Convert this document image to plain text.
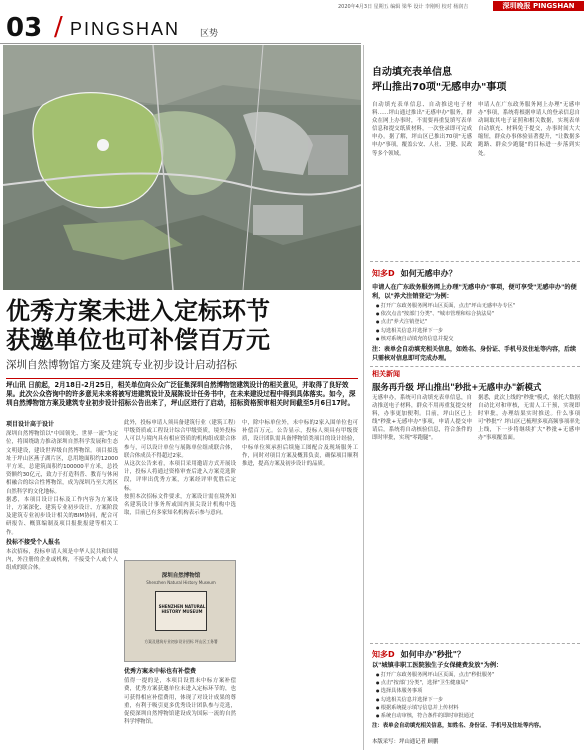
2020年4月3日 星期五 编辑 梁华 设计 李刚明 校对 杨润吉	深圳晚报 PINGSHAN
03 / PINGSHAN 区势
优秀方案未进入定标环节
获邀单位也可补偿百万元
深圳自然博物馆方案及建筑专业初步设计启动招标
坪山讯 日前起，2月18日-2月25日，相关单位向公众广泛征集深圳自然博物馆建筑设计的相关意见，并取得了良好效果。此次公众咨询中的许多意见未来将被写进建筑设计及展陈设计任务书中，在未来建设过程中得到具体落实。如今，深圳自然博物馆方案及建筑专业初步设计招标公告出来了，坪山区进行了启动，招标资格预审相关时间截至5月6日17时。
项目设计高于设计

深圳自然博物馆以"中国领先、世界一流"为定位，将围绕助力推动深圳自然科学发展和生态文明建设，建设世界级自然博物馆。项目拟选址于坪山区燕子湖片区，总用地面积约12000平方米，总建筑面积约100000平方米，总投资额约30亿元，致力于打造科普、教育与休闲相融合的综合性博物馆，成为深圳乃至大湾区自然科学的文化地标。

据悉，本项目设计目标及工作内容为方案设计，方案深化、建筑专业初步设计、方案阶段及建筑专业初步设计相关的BIM协同，配合可研报告、概算编制及项目报批报建等相关工作。

投标不接受个人报名

本次招标，投标申请人须是中华人民共和国境内，外注册的企业或机构，不接受个人或个人组成的联合体。

此外，投标申请人须具备建筑行业（建筑工程）甲级资质或工程设计综合甲级资质，境外投标人可以与境内具有相应资质的机构组成联合体参与，可以设计单位与展陈单位组成联合体，联合体成员不得超过2家。

从这次公告来看，本项目采用邀请方式开展设计，投标人将通过资格审查后进入方案竞选阶段，评审出优秀方案，方案经评审优胜后定标。

按照本次招标文件要求，方案设计需在境外知名建筑设计事务所或国内顶尖设计机构中选取，目前已有多家知名机构表示参与意向。

深圳自然博物馆
Shenzhen Natural History Museum
SHENZHEN NATURAL HISTORY MUSEUM
方案及建筑专业初步设计招标 坪山区工务署
优秀方案未中标也有补偿费

值得一提的是，本项目设置未中标方案补偿费，优秀方案获邀单位未进入定标环节的，也可获得相应补偿费用，体现了对设计成果的尊重，有利于吸引更多优秀设计团队参与竞选，促使深圳自然博物馆建设成为国际一流的自然科学博物馆。

中，除中标单位外，未中标的2家入围单位也可补偿百万元。公告显示，投标人须具有甲级资质，设计团队需具备博物馆类项目的设计经验，中标单位须承担后续施工图配合及现场服务工作，同时对项目方案及概算负责，确保项目顺利推进，提高方案及初步设计的品质。

自动填充表单信息
坪山推出70项"无感申办"事项
自动填充表单信息、自动推送电子材料……坪山通过推出"无感申办"服务，群众在网上办事时，不需要再重复填写表单信息和提交纸质材料，一次登录即可完成申办。据了解，坪山区已推出70项"无感申办"事项，覆盖公安、人社、卫健、民政等多个领域。
申请人在广东政务服务网上办理"无感申办"事项，系统将根据申请人的登录信息自动调取其电子证照和相关数据，实现表单自动填充、材料免于提交，办事时间大大缩短，群众办事体验显著提升，"让数据多跑路、群众少跑腿"的目标进一步落到实处。
知多D 如何无感申办？
申请人在广东政务服务网上办理"无感申办"事项，便可享受"无感申办"的便利，以"养犬注销登记"为例：
● 打开广东政务服务网坪山区页面，点击"坪山无感申办专区"
● 依次点击"按部门分类"、"城市管理和综合执法局"
● 点击"养犬注销登记"
● 勾选相关信息并选择下一步
● 核对系统自动填充的信息并提交
注：表单会自动填充相关信息，如姓名、身份证、手机号及住址等内容，后续只需核对信息即可完成办理。
相关新闻
服务再升级 坪山推出"秒批+无感申办"新模式
无感申办，系统可自动填充表单信息，自动推送电子材料，群众不用再重复提交材料，办事更加便利。目前，坪山区已上线"秒批+无感申办"事项，申请人提交申请后，系统将自动核验信息，符合条件的即时审批，实现"零跑腿"。
据悉，此次上线的"秒批"模式，依托大数据自动比对和审核，无需人工干预，实现即时审批，办理结果实时推送。什么事项可"秒批"？坪山区已梳理多项高频事项率先上线，下一步将继续扩大"秒批+无感申办"事项覆盖面。
知多D 如何申办"秒批"？
以"城镇非职工医院独生子女保健费发放"为例：
● 打开广东政务服务网坪山区页面，点击"秒批服务"
● 点击"按部门分类"，选择"卫生健康局"
● 选择具体服务事项
● 勾选相关信息并选择下一步
● 根据系统提示填写信息并上传材料
● 系统自动审核，符合条件的即时审批通过
注：表单会自动填充相关信息，如姓名、身份证、手机号及住址等内容。
本版采写：坪山通记者 顾鹏
